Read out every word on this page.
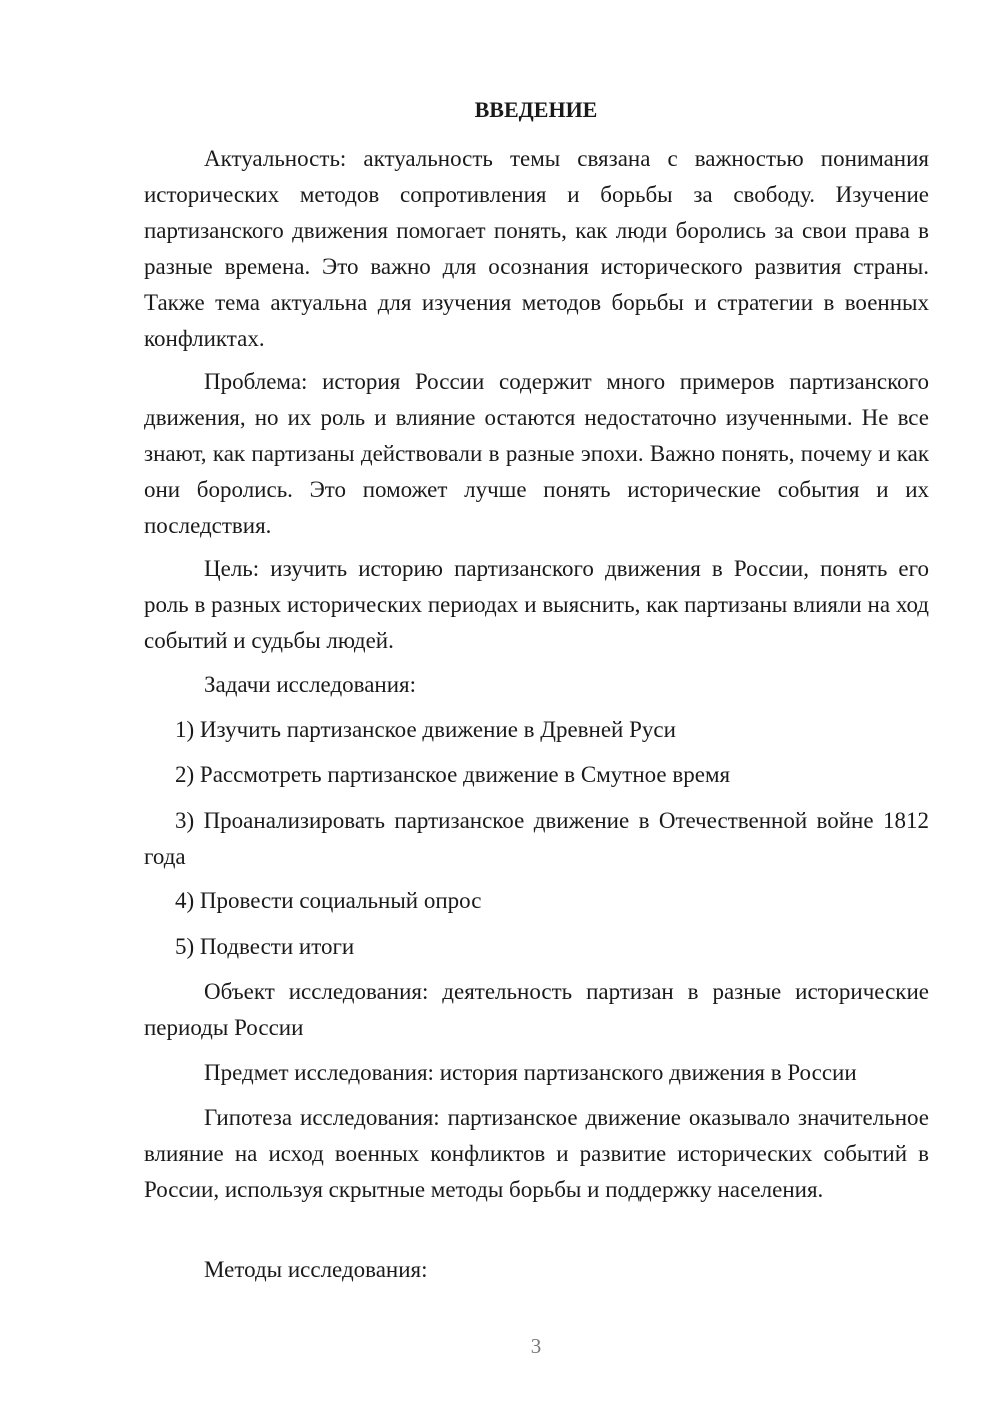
ВВЕДЕНИЕ

Актуальность: актуальность темы связана с важностью понимания исторических методов сопротивления и борьбы за свободу. Изучение партизанского движения помогает понять, как люди боролись за свои права в разные времена. Это важно для осознания исторического развития страны. Также тема актуальна для изучения методов борьбы и стратегии в военных конфликтах.

Проблема: история России содержит много примеров партизанского движения, но их роль и влияние остаются недостаточно изученными. Не все знают, как партизаны действовали в разные эпохи. Важно понять, почему и как они боролись. Это поможет лучше понять исторические события и их последствия.

Цель: изучить историю партизанского движения в России, понять его роль в разных исторических периодах и выяснить, как партизаны влияли на ход событий и судьбы людей.

Задачи исследования:

1) Изучить партизанское движение в Древней Руси

2) Рассмотреть партизанское движение в Смутное время

3) Проанализировать партизанское движение в Отечественной войне 1812 года

4) Провести социальный опрос

5) Подвести итоги

Объект исследования: деятельность партизан в разные исторические периоды России

Предмет исследования: история партизанского движения в России

Гипотеза исследования: партизанское движение оказывало значительное влияние на исход военных конфликтов и развитие исторических событий в России, используя скрытные методы борьбы и поддержку населения.

Методы исследования:

3
